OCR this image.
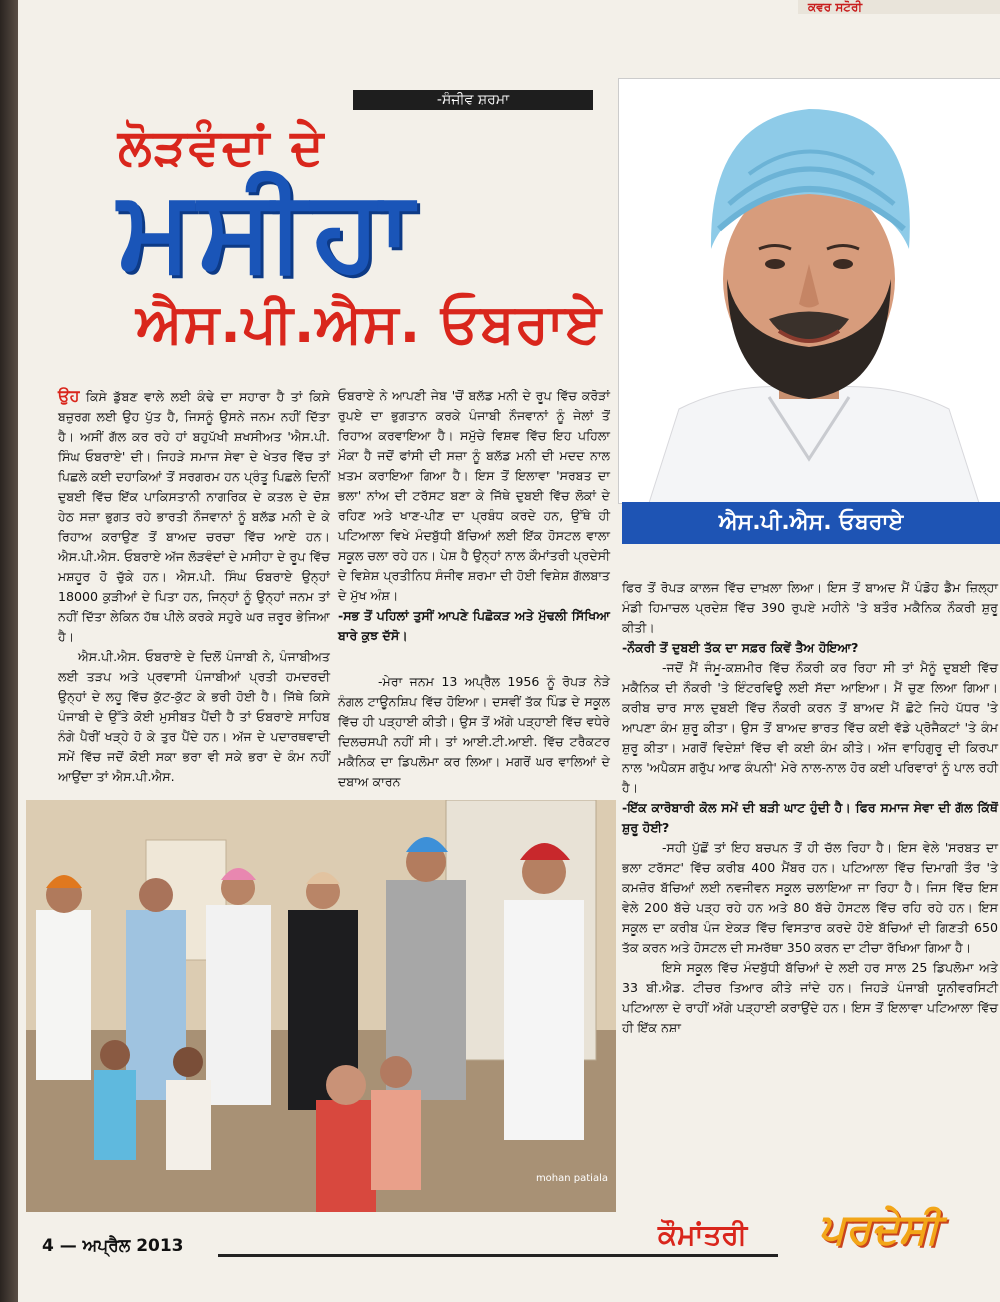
ਕਵਰ ਸਟੋਰੀ
-ਸੰਜੀਵ ਸ਼ਰਮਾ
ਲੋੜਵੰਦਾਂ ਦੇ
ਮਸੀਹਾ
ਐਸ.ਪੀ.ਐਸ. ਓਬਰਾਏ
ਐਸ.ਪੀ.ਐਸ. ਓਬਰਾਏ

ਉਹ ਕਿਸੇ ਡੁੱਬਣ ਵਾਲੇ ਲਈ ਕੰਢੇ ਦਾ ਸਹਾਰਾ ਹੈ ਤਾਂ ਕਿਸੇ ਬਜ਼ੁਰਗ ਲਈ ਉਹ ਪੁੱਤ ਹੈ, ਜਿਸਨੂੰ ਉਸਨੇ ਜਨਮ ਨਹੀਂ ਦਿੱਤਾ ਹੈ। ਅਸੀਂ ਗੱਲ ਕਰ ਰਹੇ ਹਾਂ ਬਹੁਪੱਖੀ ਸ਼ਖਸੀਅਤ 'ਐਸ.ਪੀ. ਸਿੰਘ ਓਬਰਾਏ' ਦੀ। ਜਿਹੜੇ ਸਮਾਜ ਸੇਵਾ ਦੇ ਖੇਤਰ ਵਿੱਚ ਤਾਂ ਪਿਛਲੇ ਕਈ ਦਹਾਕਿਆਂ ਤੋਂ ਸਰਗਰਮ ਹਨ ਪ੍ਰੰਤੂ ਪਿਛਲੇ ਦਿਨੀਂ ਦੁਬਈ ਵਿੱਚ ਇੱਕ ਪਾਕਿਸਤਾਨੀ ਨਾਗਰਿਕ ਦੇ ਕਤਲ ਦੇ ਦੋਸ਼ ਹੇਠ ਸਜ਼ਾ ਭੁਗਤ ਰਹੇ ਭਾਰਤੀ ਨੌਜਵਾਨਾਂ ਨੂੰ ਬਲੱਡ ਮਨੀ ਦੇ ਕੇ ਰਿਹਾਅ ਕਰਾਉਣ ਤੋਂ ਬਾਅਦ ਚਰਚਾ ਵਿੱਚ ਆਏ ਹਨ। ਐਸ.ਪੀ.ਐਸ. ਓਬਰਾਏ ਅੱਜ ਲੋੜਵੰਦਾਂ ਦੇ ਮਸੀਹਾ ਦੇ ਰੂਪ ਵਿੱਚ ਮਸ਼ਹੂਰ ਹੋ ਚੁੱਕੇ ਹਨ। ਐਸ.ਪੀ. ਸਿੰਘ ਓਬਰਾਏ ਉਨ੍ਹਾਂ 18000 ਕੁੜੀਆਂ ਦੇ ਪਿਤਾ ਹਨ, ਜਿਨ੍ਹਾਂ ਨੂੰ ਉਨ੍ਹਾਂ ਜਨਮ ਤਾਂ ਨਹੀਂ ਦਿੱਤਾ ਲੇਕਿਨ ਹੱਥ ਪੀਲੇ ਕਰਕੇ ਸਹੁਰੇ ਘਰ ਜ਼ਰੂਰ ਭੇਜਿਆ ਹੈ।

ਐਸ.ਪੀ.ਐਸ. ਓਬਰਾਏ ਦੇ ਦਿਲੋਂ ਪੰਜਾਬੀ ਨੇ, ਪੰਜਾਬੀਅਤ ਲਈ ਤੜਪ ਅਤੇ ਪ੍ਰਵਾਸੀ ਪੰਜਾਬੀਆਂ ਪ੍ਰਤੀ ਹਮਦਰਦੀ ਉਨ੍ਹਾਂ ਦੇ ਲਹੂ ਵਿੱਚ ਕੁੱਟ-ਕੁੱਟ ਕੇ ਭਰੀ ਹੋਈ ਹੈ। ਜਿੱਥੇ ਕਿਸੇ ਪੰਜਾਬੀ ਦੇ ਉੱਤੇ ਕੋਈ ਮੁਸੀਬਤ ਪੈਂਦੀ ਹੈ ਤਾਂ ਓਬਰਾਏ ਸਾਹਿਬ ਨੰਗੇ ਪੈਰੀਂ ਖੜ੍ਹੇ ਹੋ ਕੇ ਤੁਰ ਪੈਂਦੇ ਹਨ। ਅੱਜ ਦੇ ਪਦਾਰਥਵਾਦੀ ਸਮੇਂ ਵਿੱਚ ਜਦੋਂ ਕੋਈ ਸਕਾ ਭਰਾ ਵੀ ਸਕੇ ਭਰਾ ਦੇ ਕੰਮ ਨਹੀਂ ਆਉਂਦਾ ਤਾਂ ਐਸ.ਪੀ.ਐਸ.

ਓਬਰਾਏ ਨੇ ਆਪਣੀ ਜੇਬ 'ਚੋਂ ਬਲੱਡ ਮਨੀ ਦੇ ਰੂਪ ਵਿੱਚ ਕਰੋੜਾਂ ਰੁਪਏ ਦਾ ਭੁਗਤਾਨ ਕਰਕੇ ਪੰਜਾਬੀ ਨੌਜਵਾਨਾਂ ਨੂੰ ਜੇਲਾਂ ਤੋਂ ਰਿਹਾਅ ਕਰਵਾਇਆ ਹੈ। ਸਮੁੱਚੇ ਵਿਸ਼ਵ ਵਿੱਚ ਇਹ ਪਹਿਲਾ ਮੌਕਾ ਹੈ ਜਦੋਂ ਫਾਂਸੀ ਦੀ ਸਜ਼ਾ ਨੂੰ ਬਲੱਡ ਮਨੀ ਦੀ ਮਦਦ ਨਾਲ ਖ਼ਤਮ ਕਰਾਇਆ ਗਿਆ ਹੈ। ਇਸ ਤੋਂ ਇਲਾਵਾ 'ਸਰਬਤ ਦਾ ਭਲਾ' ਨਾਂਅ ਦੀ ਟਰੱਸਟ ਬਣਾ ਕੇ ਜਿੱਥੇ ਦੁਬਈ ਵਿੱਚ ਲੋਕਾਂ ਦੇ ਰਹਿਣ ਅਤੇ ਖਾਣ-ਪੀਣ ਦਾ ਪ੍ਰਬੰਧ ਕਰਦੇ ਹਨ, ਉੱਥੇ ਹੀ ਪਟਿਆਲਾ ਵਿਖੇ ਮੰਦਬੁੱਧੀ ਬੱਚਿਆਂ ਲਈ ਇੱਕ ਹੋਸਟਲ ਵਾਲਾ ਸਕੂਲ ਚਲਾ ਰਹੇ ਹਨ। ਪੇਸ਼ ਹੈ ਉਨ੍ਹਾਂ ਨਾਲ ਕੌਮਾਂਤਰੀ ਪ੍ਰਦੇਸੀ ਦੇ ਵਿਸ਼ੇਸ਼ ਪ੍ਰਤੀਨਿਧ ਸੰਜੀਵ ਸ਼ਰਮਾ ਦੀ ਹੋਈ ਵਿਸ਼ੇਸ਼ ਗੱਲਬਾਤ ਦੇ ਮੁੱਖ ਅੰਸ਼।

-ਸਭ ਤੋਂ ਪਹਿਲਾਂ ਤੁਸੀਂ ਆਪਣੇ ਪਿਛੋਕੜ ਅਤੇ ਮੁੱਢਲੀ ਸਿੱਖਿਆ ਬਾਰੇ ਕੁਝ ਦੱਸੋ।

-ਮੇਰਾ ਜਨਮ 13 ਅਪ੍ਰੈਲ 1956 ਨੂੰ ਰੋਪੜ ਨੇੜੇ ਨੰਗਲ ਟਾਊਨਸ਼ਿਪ ਵਿੱਚ ਹੋਇਆ। ਦਸਵੀਂ ਤੱਕ ਪਿੰਡ ਦੇ ਸਕੂਲ ਵਿੱਚ ਹੀ ਪੜ੍ਹਾਈ ਕੀਤੀ। ਉਸ ਤੋਂ ਅੱਗੇ ਪੜ੍ਹਾਈ ਵਿੱਚ ਵਧੇਰੇ ਦਿਲਚਸਪੀ ਨਹੀਂ ਸੀ। ਤਾਂ ਆਈ.ਟੀ.ਆਈ. ਵਿੱਚ ਟਰੈਕਟਰ ਮਕੈਨਿਕ ਦਾ ਡਿਪਲੋਮਾ ਕਰ ਲਿਆ। ਮਗਰੋਂ ਘਰ ਵਾਲਿਆਂ ਦੇ ਦਬਾਅ ਕਾਰਨ

ਫਿਰ ਤੋਂ ਰੋਪੜ ਕਾਲਜ ਵਿੱਚ ਦਾਖ਼ਲਾ ਲਿਆ। ਇਸ ਤੋਂ ਬਾਅਦ ਮੈਂ ਪੰਡੋਹ ਡੈਮ ਜ਼ਿਲ੍ਹਾ ਮੰਡੀ ਹਿਮਾਚਲ ਪ੍ਰਦੇਸ਼ ਵਿੱਚ 390 ਰੁਪਏ ਮਹੀਨੇ 'ਤੇ ਬਤੌਰ ਮਕੈਨਿਕ ਨੌਕਰੀ ਸ਼ੁਰੂ ਕੀਤੀ।

-ਨੌਕਰੀ ਤੋਂ ਦੁਬਈ ਤੱਕ ਦਾ ਸਫ਼ਰ ਕਿਵੇਂ ਤੈਅ ਹੋਇਆ?

-ਜਦੋਂ ਮੈਂ ਜੰਮੂ-ਕਸ਼ਮੀਰ ਵਿੱਚ ਨੌਕਰੀ ਕਰ ਰਿਹਾ ਸੀ ਤਾਂ ਮੈਨੂੰ ਦੁਬਈ ਵਿੱਚ ਮਕੈਨਿਕ ਦੀ ਨੌਕਰੀ 'ਤੇ ਇੰਟਰਵਿਊ ਲਈ ਸੱਦਾ ਆਇਆ। ਮੈਂ ਚੁਣ ਲਿਆ ਗਿਆ। ਕਰੀਬ ਚਾਰ ਸਾਲ ਦੁਬਈ ਵਿੱਚ ਨੌਕਰੀ ਕਰਨ ਤੋਂ ਬਾਅਦ ਮੈਂ ਛੋਟੇ ਜਿਹੇ ਪੱਧਰ 'ਤੇ ਆਪਣਾ ਕੰਮ ਸ਼ੁਰੂ ਕੀਤਾ। ਉਸ ਤੋਂ ਬਾਅਦ ਭਾਰਤ ਵਿੱਚ ਕਈ ਵੱਡੇ ਪ੍ਰੋਜੈਕਟਾਂ 'ਤੇ ਕੰਮ ਸ਼ੁਰੂ ਕੀਤਾ। ਮਗਰੋਂ ਵਿਦੇਸ਼ਾਂ ਵਿੱਚ ਵੀ ਕਈ ਕੰਮ ਕੀਤੇ। ਅੱਜ ਵਾਹਿਗੁਰੂ ਦੀ ਕਿਰਪਾ ਨਾਲ 'ਅਪੈਕਸ ਗਰੁੱਪ ਆਫ ਕੰਪਨੀ' ਮੇਰੇ ਨਾਲ-ਨਾਲ ਹੋਰ ਕਈ ਪਰਿਵਾਰਾਂ ਨੂੰ ਪਾਲ ਰਹੀ ਹੈ।

-ਇੱਕ ਕਾਰੋਬਾਰੀ ਕੋਲ ਸਮੇਂ ਦੀ ਬੜੀ ਘਾਟ ਹੁੰਦੀ ਹੈ। ਫਿਰ ਸਮਾਜ ਸੇਵਾ ਦੀ ਗੱਲ ਕਿੱਥੋਂ ਸ਼ੁਰੂ ਹੋਈ?

-ਸਹੀ ਪੁੱਛੋਂ ਤਾਂ ਇਹ ਬਚਪਨ ਤੋਂ ਹੀ ਚੱਲ ਰਿਹਾ ਹੈ। ਇਸ ਵੇਲੇ 'ਸਰਬਤ ਦਾ ਭਲਾ ਟਰੱਸਟ' ਵਿੱਚ ਕਰੀਬ 400 ਮੈਂਬਰ ਹਨ। ਪਟਿਆਲਾ ਵਿੱਚ ਦਿਮਾਗੀ ਤੌਰ 'ਤੇ ਕਮਜ਼ੋਰ ਬੱਚਿਆਂ ਲਈ ਨਵਜੀਵਨ ਸਕੂਲ ਚਲਾਇਆ ਜਾ ਰਿਹਾ ਹੈ। ਜਿਸ ਵਿੱਚ ਇਸ ਵੇਲੇ 200 ਬੱਚੇ ਪੜ੍ਹ ਰਹੇ ਹਨ ਅਤੇ 80 ਬੱਚੇ ਹੋਸਟਲ ਵਿੱਚ ਰਹਿ ਰਹੇ ਹਨ। ਇਸ ਸਕੂਲ ਦਾ ਕਰੀਬ ਪੰਜ ਏਕੜ ਵਿੱਚ ਵਿਸਤਾਰ ਕਰਦੇ ਹੋਏ ਬੱਚਿਆਂ ਦੀ ਗਿਣਤੀ 650 ਤੱਕ ਕਰਨ ਅਤੇ ਹੋਸਟਲ ਦੀ ਸਮਰੱਥਾ 350 ਕਰਨ ਦਾ ਟੀਚਾ ਰੱਖਿਆ ਗਿਆ ਹੈ।

ਇਸੇ ਸਕੂਲ ਵਿੱਚ ਮੰਦਬੁੱਧੀ ਬੱਚਿਆਂ ਦੇ ਲਈ ਹਰ ਸਾਲ 25 ਡਿਪਲੋਮਾ ਅਤੇ 33 ਬੀ.ਐਡ. ਟੀਚਰ ਤਿਆਰ ਕੀਤੇ ਜਾਂਦੇ ਹਨ। ਜਿਹੜੇ ਪੰਜਾਬੀ ਯੂਨੀਵਰਸਿਟੀ ਪਟਿਆਲਾ ਦੇ ਰਾਹੀਂ ਅੱਗੇ ਪੜ੍ਹਾਈ ਕਰਾਉਂਦੇ ਹਨ। ਇਸ ਤੋਂ ਇਲਾਵਾ ਪਟਿਆਲਾ ਵਿੱਚ ਹੀ ਇੱਕ ਨਸ਼ਾ

mohan patiala
4 — ਅਪ੍ਰੈਲ 2013	ਕੌਮਾਂਤਰੀ ਪਰਦੇਸੀ
